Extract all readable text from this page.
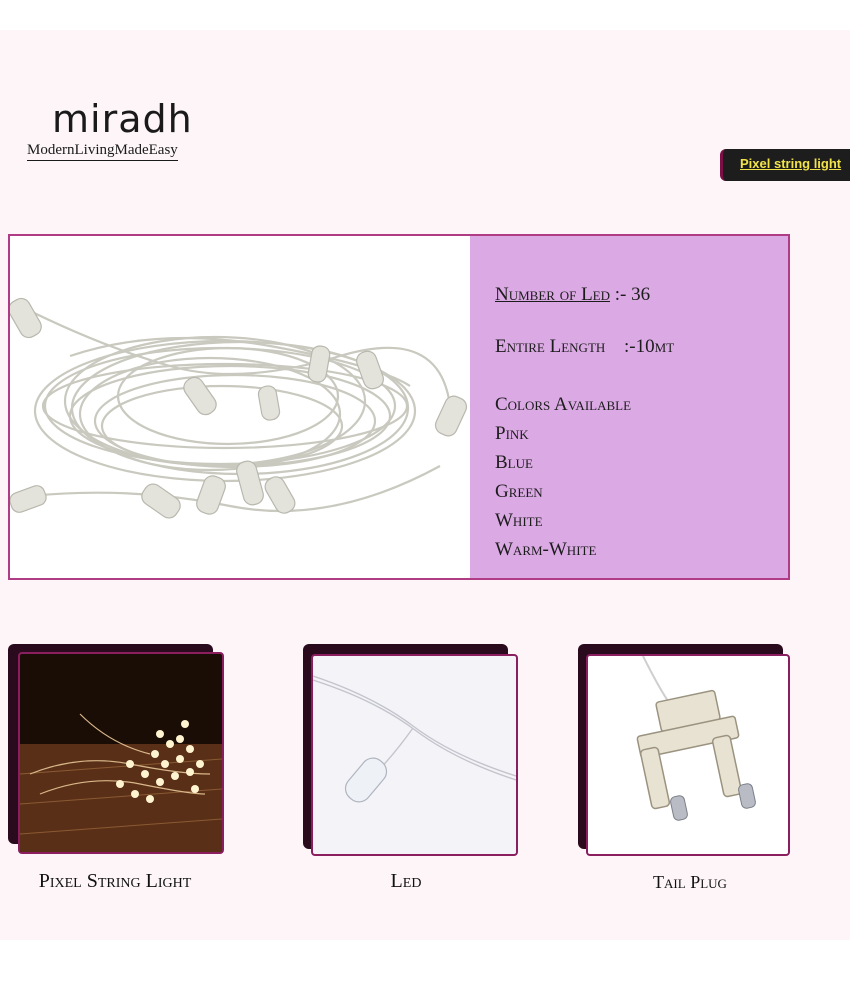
miradh
ModernLivingMadeEasy
Pixel string light
Number of Led :- 36
Entire Length :-10mt
Colors Available
Pink
Blue
Green
White
Warm-White
Pixel String Light	Led	Tail Plug
